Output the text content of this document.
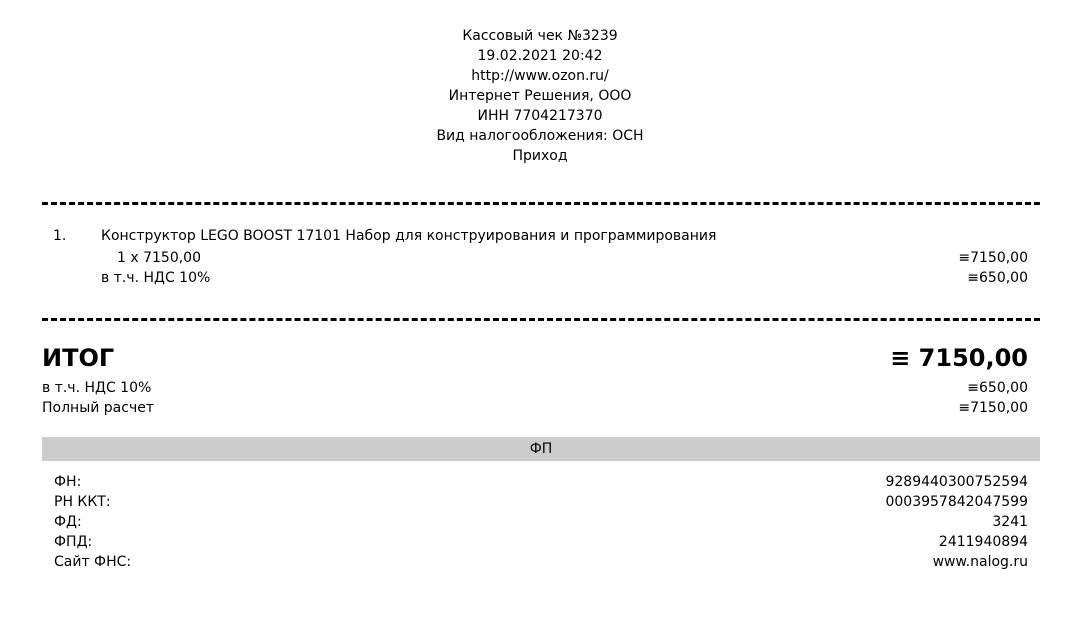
Кассовый чек №3239
19.02.2021 20:42
http://www.ozon.ru/
Интернет Решения, ООО
ИНН 7704217370
Вид налогообложения: ОСН
Приход
1. Конструктор LEGO BOOST 17101 Набор для конструирования и программирования
1 x 7150,00	≡7150,00
в т.ч. НДС 10%	≡650,00
ИТОГ	≡ 7150,00
в т.ч. НДС 10%	≡650,00
Полный расчет	≡7150,00
ФП
ФН:	9289440300752594
РН ККТ:	0003957842047599
ФД:	3241
ФПД:	2411940894
Сайт ФНС:	www.nalog.ru
